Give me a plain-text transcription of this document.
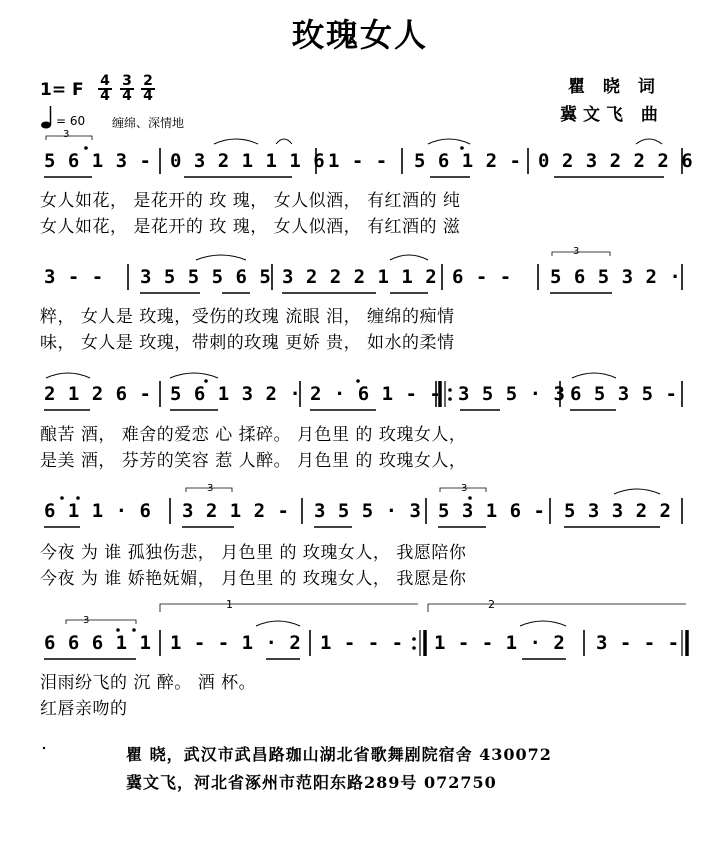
玫瑰女人
瞿 晓 词
冀文飞 曲
1= F 4
4
3
4
2
4
= 60 缠绵、深情地
5 6 1 3 - 0 3 2 1 1 1 6 1 - - 5 6 1 2 - 0 2 3 2 2 2 6
女人如花， 是花开的 玫 瑰， 女人似酒， 有红酒的 纯
女人如花， 是花开的 玫 瑰， 女人似酒， 有红酒的 滋
3 - - 3 5 5 5 6 5 3 2 2 2 1 1 2 6 - - 5 6 5 3 2 ·
粹， 女人是 玫瑰，受伤的玫瑰 流眼 泪， 缠绵的痴情
味， 女人是 玫瑰，带刺的玫瑰 更娇 贵， 如水的柔情
2 1 2 6 - 5 6 1 3 2 · 2 · 6 1 - - 3 5 5 · 3 6 5 3 5 -
酿苦 酒， 难舍的爱恋 心 揉碎。 月色里 的 玫瑰女人，
是美 酒， 芬芳的笑容 惹 人醉。 月色里 的 玫瑰女人，
6 1 1 · 6 3 2 1 2 - 3 5 5 · 3 5 3 1 6 - 5 3 3 2 2
今夜 为 谁 孤独伤悲， 月色里 的 玫瑰女人， 我愿陪你
今夜 为 谁 娇艳妩媚， 月色里 的 玫瑰女人， 我愿是你
1	2
6 6 6 1 1 1 - - 1 · 2 1 - - - 1 - - 1 · 2 3 - - -
泪雨纷飞的 沉 醉。 酒 杯。
红唇亲吻的
3
3
3	3
3
瞿 晓，武汉市武昌路珈山湖北省歌舞剧院宿舍 430072
冀文飞，河北省涿州市范阳东路289号 072750
